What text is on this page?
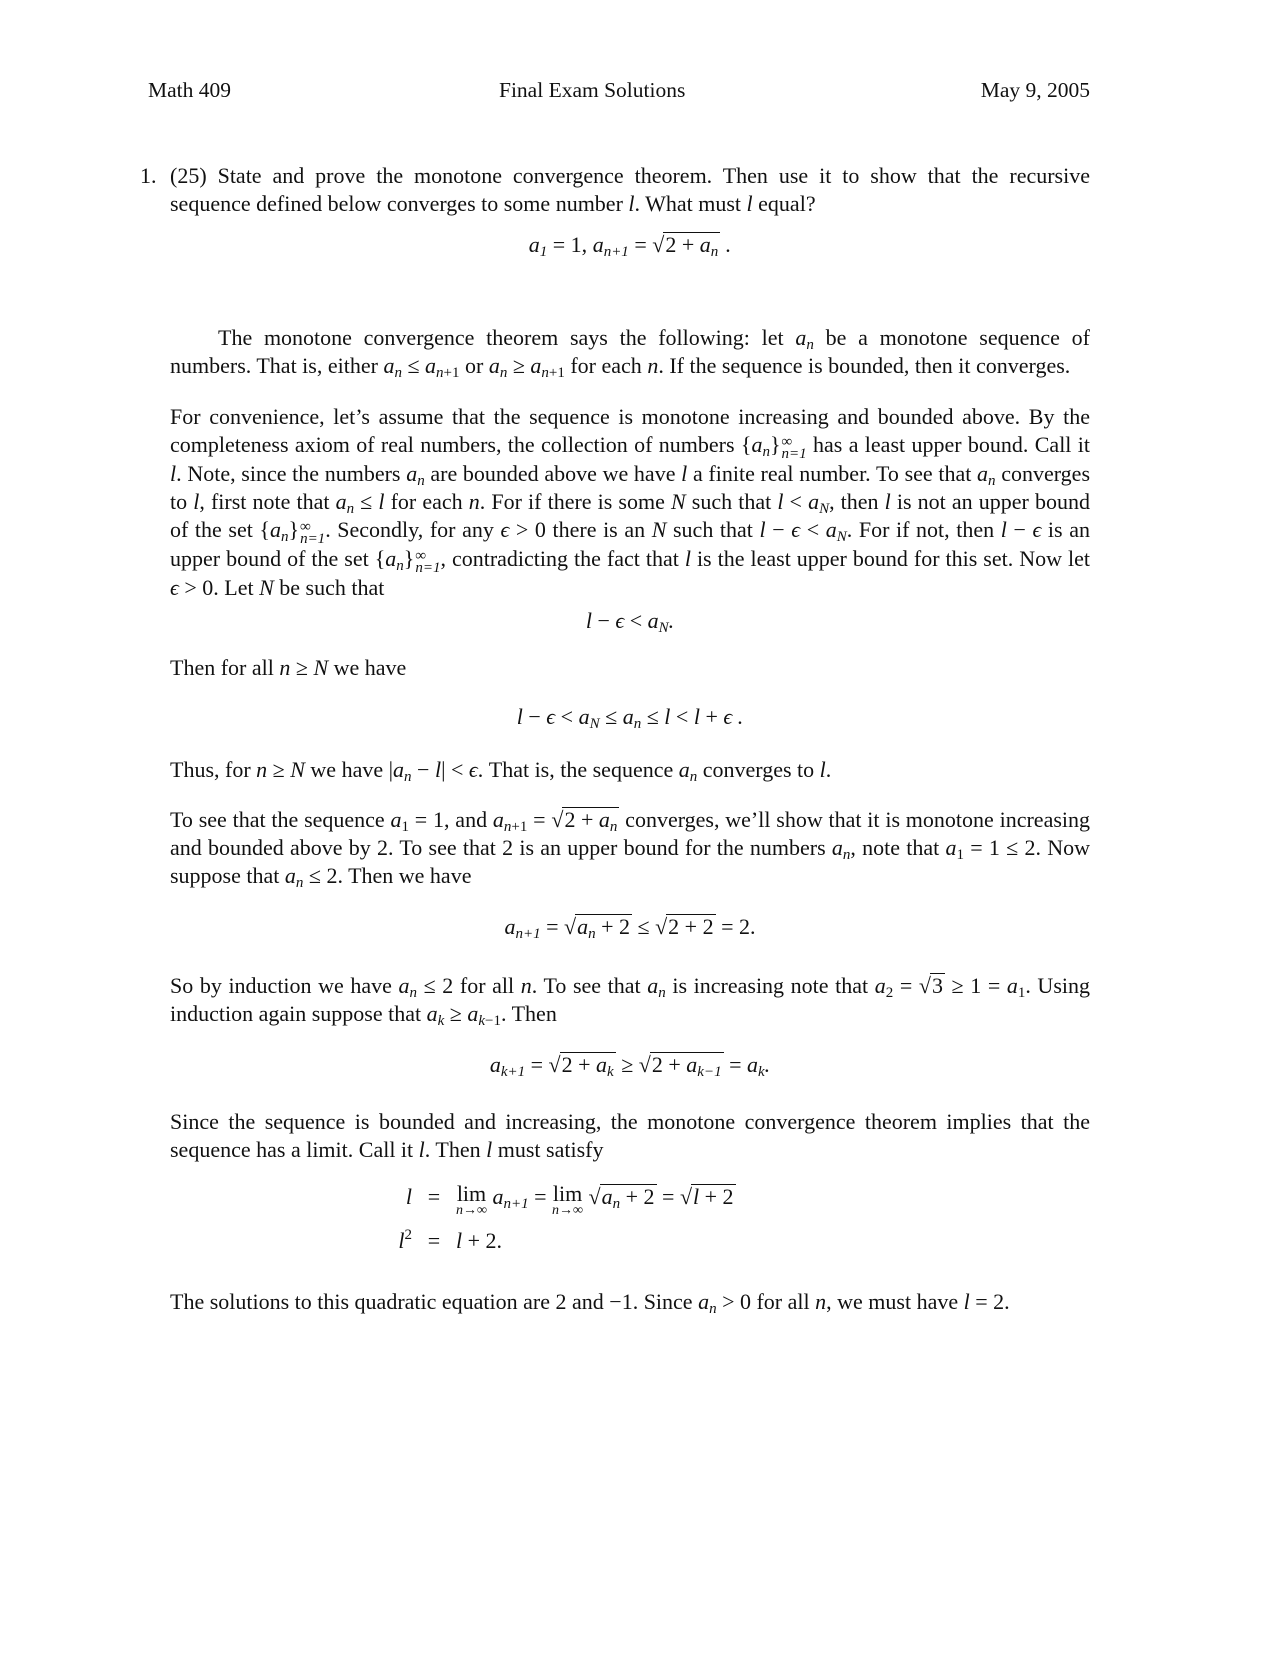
Math 409	Final Exam Solutions	May 9, 2005
1. (25) State and prove the monotone convergence theorem. Then use it to show that the recursive sequence defined below converges to some number l. What must l equal?
$a_1 = 1$, $a_{n+1} = √2 + a_n$ .

The monotone convergence theorem says the following: let $a_n$ be a monotone sequence of numbers. That is, either $a_n \le a_{n+1}$ or $a_n \ge a_{n+1}$ for each n. If the sequence is bounded, then it converges.

For convenience, let’s assume that the sequence is monotone increasing and bounded above. By the completeness axiom of real numbers, the collection of numbers $\{a_n\}$ ∞
n=1 has a least upper bound. Call it l. Note, since the numbers $a_n$ are bounded above we have l a finite real number. To see that $a_n$ converges to l, first note that $a_n \le l$ for each n. For if there is some N such that $l < a_N$, then l is not an upper bound of the set $\{a_n\}$ ∞
n=1 . Secondly, for any ϵ > 0 there is an N such that $l - \epsilon < a_N$. For if not, then l − ϵ is an upper bound of the set $\{a_n\}$ ∞
n=1 , contradicting the fact that l is the least upper bound for this set. Now let ϵ > 0. Let N be such that

$l - \epsilon < a_N$.

Then for all n ≥ N we have

$l - \epsilon < a_N \le a_n \le l < l + \epsilon$ .

Thus, for n ≥ N we have $|a_n - l| < \epsilon$. That is, the sequence $a_n$ converges to l.

To see that the sequence $a_1 = 1$, and $a_{n+1} = √2 + a_n$ converges, we’ll show that it is monotone increasing and bounded above by 2. To see that 2 is an upper bound for the numbers $a_n$, note that $a_1 = 1 \le 2$. Now suppose that $a_n \le 2$. Then we have

$a_{n+1} = √a_n + 2 \le √2 + 2 = 2$.

So by induction we have $a_n \le 2$ for all n. To see that $a_n$ is increasing note that $a_2 = √3 \ge 1 = a_1$. Using induction again suppose that $a_k \ge a_{k-1}$. Then

$a_{k+1} = √2 + a_k \ge √2 + a_{k-1} = a_k$.

Since the sequence is bounded and increasing, the monotone convergence theorem implies that the sequence has a limit. Call it l. Then l must satisfy

l	=	lim
n→∞
$a_{n+1} = \lim$
n→∞
$√a_n + 2 = √l + 2$
$l^2$	=	l + 2.

The solutions to this quadratic equation are 2 and −1. Since $a_n > 0$ for all n, we must have l = 2.
